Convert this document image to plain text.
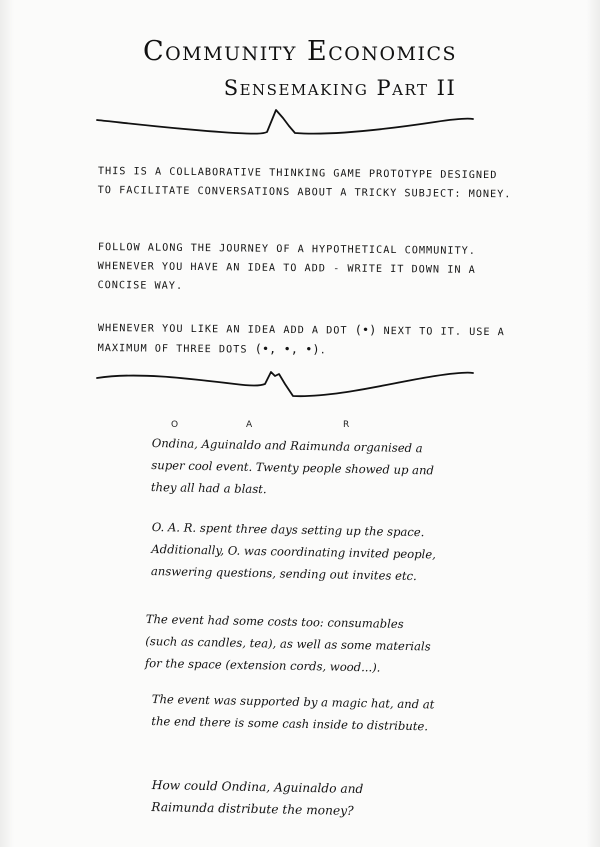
Community Economics
Sensemaking Part II

THIS IS A COLLABORATIVE THINKING GAME PROTOTYPE DESIGNED TO FACILITATE CONVERSATIONS ABOUT A TRICKY SUBJECT: MONEY.

FOLLOW ALONG THE JOURNEY OF A HYPOTHETICAL COMMUNITY. WHENEVER YOU HAVE AN IDEA TO ADD - WRITE IT DOWN IN A CONCISE WAY.

WHENEVER YOU LIKE AN IDEA ADD A DOT (•) NEXT TO IT. USE A MAXIMUM OF THREE DOTS (•, •, •).

O	A	R

Ondina, Aguinaldo and Raimunda organised a super cool event. Twenty people showed up and they all had a blast.

O. A. R. spent three days setting up the space. Additionally, O. was coordinating invited people, answering questions, sending out invites etc.

The event had some costs too: consumables (such as candles, tea), as well as some materials for the space (extension cords, wood...).

The event was supported by a magic hat, and at the end there is some cash inside to distribute.

How could Ondina, Aguinaldo and Raimunda distribute the money?
